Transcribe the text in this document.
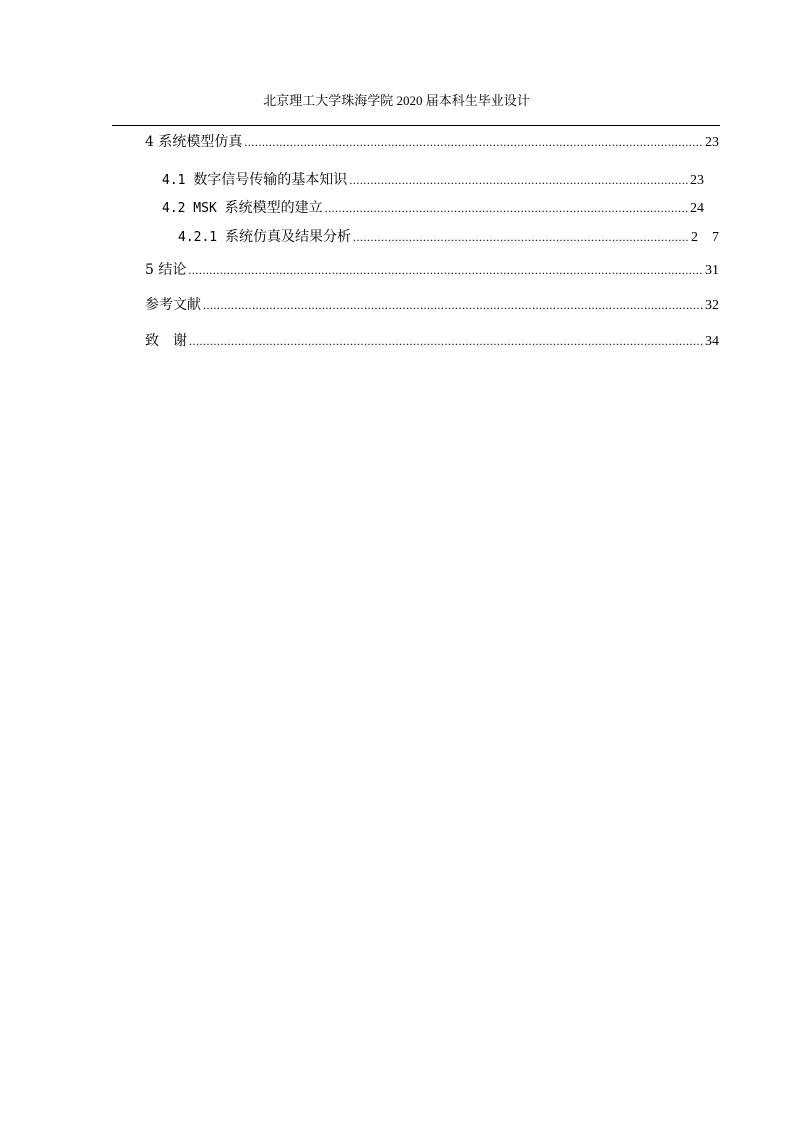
北京理工大学珠海学院 2020 届本科生毕业设计
4 系统模型仿真 .....	23
4.1 数字信号传输的基本知识 .....	23
4.2 MSK 系统模型的建立 .....	24
4.2.1 系统仿真及结果分析 .....	2　7
5 结论 .....	31
参考文献 .....	32
致　谢 .....	34
